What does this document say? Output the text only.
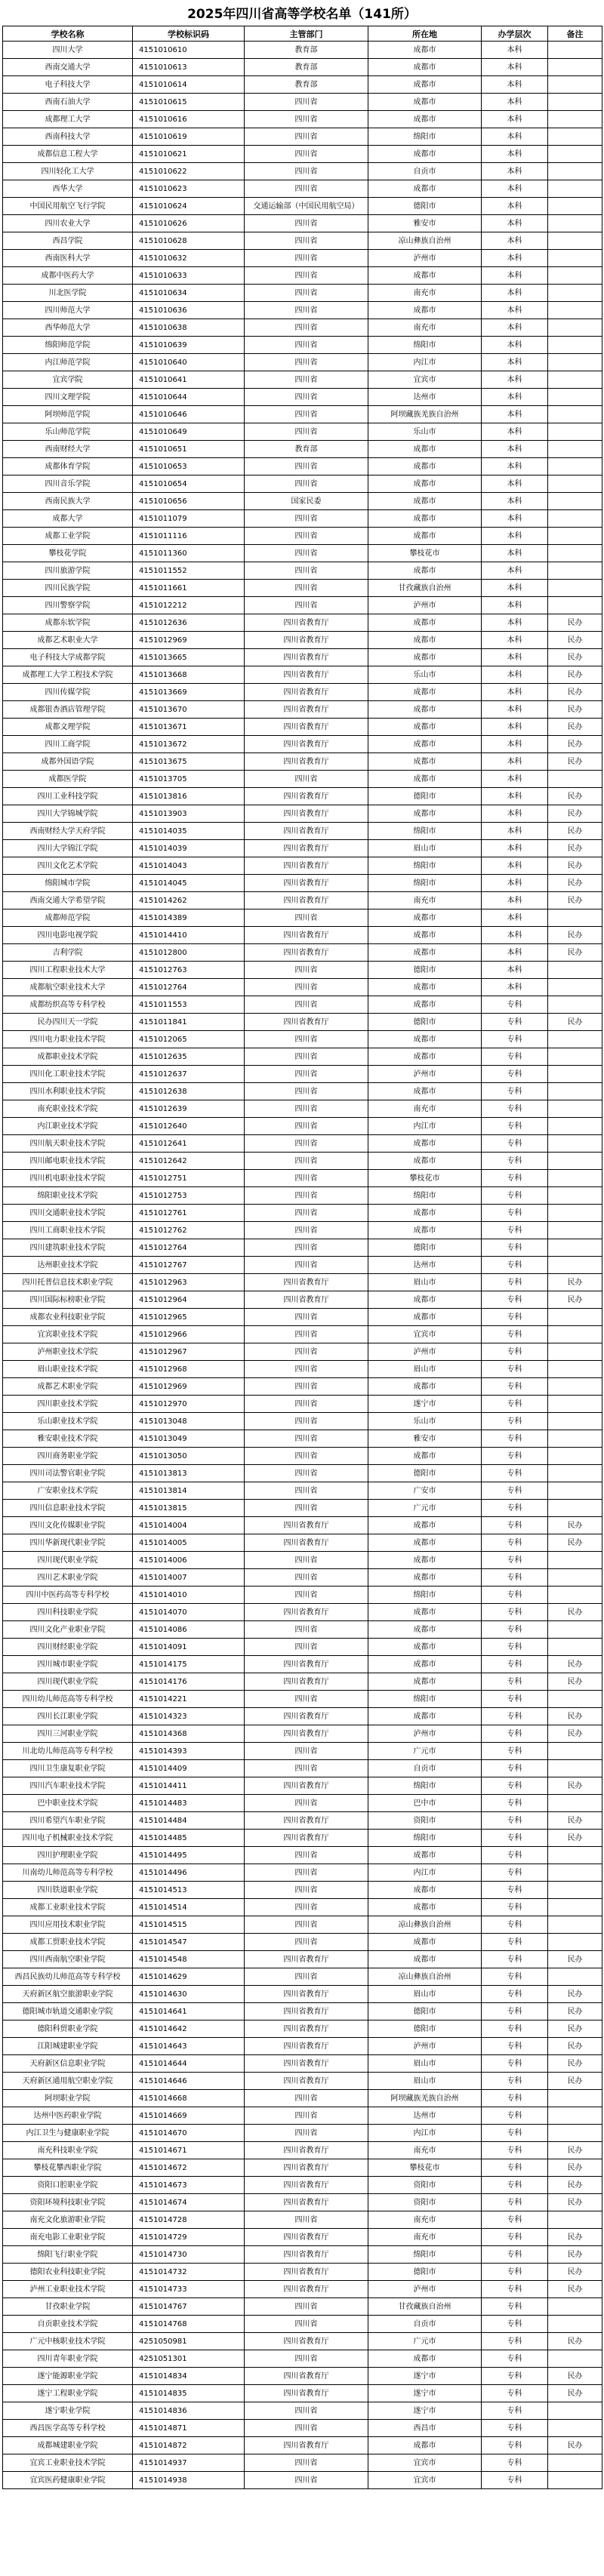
2025年四川省高等学校名单（141所）
学校名称	学校标识码	主管部门	所在地	办学层次	备注
四川大学	4151010610	教育部	成都市	本科	
西南交通大学	4151010613	教育部	成都市	本科	
电子科技大学	4151010614	教育部	成都市	本科	
西南石油大学	4151010615	四川省	成都市	本科	
成都理工大学	4151010616	四川省	成都市	本科	
西南科技大学	4151010619	四川省	绵阳市	本科	
成都信息工程大学	4151010621	四川省	成都市	本科	
四川轻化工大学	4151010622	四川省	自贡市	本科	
西华大学	4151010623	四川省	成都市	本科	
中国民用航空飞行学院	4151010624	交通运输部（中国民用航空局）	德阳市	本科	
四川农业大学	4151010626	四川省	雅安市	本科	
西昌学院	4151010628	四川省	凉山彝族自治州	本科	
西南医科大学	4151010632	四川省	泸州市	本科	
成都中医药大学	4151010633	四川省	成都市	本科	
川北医学院	4151010634	四川省	南充市	本科	
四川师范大学	4151010636	四川省	成都市	本科	
西华师范大学	4151010638	四川省	南充市	本科	
绵阳师范学院	4151010639	四川省	绵阳市	本科	
内江师范学院	4151010640	四川省	内江市	本科	
宜宾学院	4151010641	四川省	宜宾市	本科	
四川文理学院	4151010644	四川省	达州市	本科	
阿坝师范学院	4151010646	四川省	阿坝藏族羌族自治州	本科	
乐山师范学院	4151010649	四川省	乐山市	本科	
西南财经大学	4151010651	教育部	成都市	本科	
成都体育学院	4151010653	四川省	成都市	本科	
四川音乐学院	4151010654	四川省	成都市	本科	
西南民族大学	4151010656	国家民委	成都市	本科	
成都大学	4151011079	四川省	成都市	本科	
成都工业学院	4151011116	四川省	成都市	本科	
攀枝花学院	4151011360	四川省	攀枝花市	本科	
四川旅游学院	4151011552	四川省	成都市	本科	
四川民族学院	4151011661	四川省	甘孜藏族自治州	本科	
四川警察学院	4151012212	四川省	泸州市	本科	
成都东软学院	4151012636	四川省教育厅	成都市	本科	民办
成都艺术职业大学	4151012969	四川省教育厅	成都市	本科	民办
电子科技大学成都学院	4151013665	四川省教育厅	成都市	本科	民办
成都理工大学工程技术学院	4151013668	四川省教育厅	乐山市	本科	民办
四川传媒学院	4151013669	四川省教育厅	成都市	本科	民办
成都银杏酒店管理学院	4151013670	四川省教育厅	成都市	本科	民办
成都文理学院	4151013671	四川省教育厅	成都市	本科	民办
四川工商学院	4151013672	四川省教育厅	成都市	本科	民办
成都外国语学院	4151013675	四川省教育厅	成都市	本科	民办
成都医学院	4151013705	四川省	成都市	本科	
四川工业科技学院	4151013816	四川省教育厅	德阳市	本科	民办
四川大学锦城学院	4151013903	四川省教育厅	成都市	本科	民办
西南财经大学天府学院	4151014035	四川省教育厅	绵阳市	本科	民办
四川大学锦江学院	4151014039	四川省教育厅	眉山市	本科	民办
四川文化艺术学院	4151014043	四川省教育厅	绵阳市	本科	民办
绵阳城市学院	4151014045	四川省教育厅	绵阳市	本科	民办
西南交通大学希望学院	4151014262	四川省教育厅	南充市	本科	民办
成都师范学院	4151014389	四川省	成都市	本科	
四川电影电视学院	4151014410	四川省教育厅	成都市	本科	民办
吉利学院	4151012800	四川省教育厅	成都市	本科	民办
四川工程职业技术大学	4151012763	四川省	德阳市	本科	
成都航空职业技术大学	4151012764	四川省	成都市	本科	
成都纺织高等专科学校	4151011553	四川省	成都市	专科	
民办四川天一学院	4151011841	四川省教育厅	德阳市	专科	民办
四川电力职业技术学院	4151012065	四川省	成都市	专科	
成都职业技术学院	4151012635	四川省	成都市	专科	
四川化工职业技术学院	4151012637	四川省	泸州市	专科	
四川水利职业技术学院	4151012638	四川省	成都市	专科	
南充职业技术学院	4151012639	四川省	南充市	专科	
内江职业技术学院	4151012640	四川省	内江市	专科	
四川航天职业技术学院	4151012641	四川省	成都市	专科	
四川邮电职业技术学院	4151012642	四川省	成都市	专科	
四川机电职业技术学院	4151012751	四川省	攀枝花市	专科	
绵阳职业技术学院	4151012753	四川省	绵阳市	专科	
四川交通职业技术学院	4151012761	四川省	成都市	专科	
四川工商职业技术学院	4151012762	四川省	成都市	专科	
四川建筑职业技术学院	4151012764	四川省	德阳市	专科	
达州职业技术学院	4151012767	四川省	达州市	专科	
四川托普信息技术职业学院	4151012963	四川省教育厅	眉山市	专科	民办
四川国际标榜职业学院	4151012964	四川省教育厅	成都市	专科	民办
成都农业科技职业学院	4151012965	四川省	成都市	专科	
宜宾职业技术学院	4151012966	四川省	宜宾市	专科	
泸州职业技术学院	4151012967	四川省	泸州市	专科	
眉山职业技术学院	4151012968	四川省	眉山市	专科	
成都艺术职业学院	4151012969	四川省	成都市	专科	
四川职业技术学院	4151012970	四川省	遂宁市	专科	
乐山职业技术学院	4151013048	四川省	乐山市	专科	
雅安职业技术学院	4151013049	四川省	雅安市	专科	
四川商务职业学院	4151013050	四川省	成都市	专科	
四川司法警官职业学院	4151013813	四川省	德阳市	专科	
广安职业技术学院	4151013814	四川省	广安市	专科	
四川信息职业技术学院	4151013815	四川省	广元市	专科	
四川文化传媒职业学院	4151014004	四川省教育厅	成都市	专科	民办
四川华新现代职业学院	4151014005	四川省教育厅	成都市	专科	民办
四川现代职业学院	4151014006	四川省	成都市	专科	
四川艺术职业学院	4151014007	四川省	成都市	专科	
四川中医药高等专科学校	4151014010	四川省	绵阳市	专科	
四川科技职业学院	4151014070	四川省教育厅	成都市	专科	民办
四川文化产业职业学院	4151014086	四川省	成都市	专科	
四川财经职业学院	4151014091	四川省	成都市	专科	
四川城市职业学院	4151014175	四川省教育厅	成都市	专科	民办
四川现代职业学院	4151014176	四川省教育厅	成都市	专科	民办
四川幼儿师范高等专科学校	4151014221	四川省	绵阳市	专科	
四川长江职业学院	4151014323	四川省教育厅	成都市	专科	民办
四川三河职业学院	4151014368	四川省教育厅	泸州市	专科	民办
川北幼儿师范高等专科学校	4151014393	四川省	广元市	专科	
四川卫生康复职业学院	4151014409	四川省	自贡市	专科	
四川汽车职业技术学院	4151014411	四川省教育厅	绵阳市	专科	民办
巴中职业技术学院	4151014483	四川省	巴中市	专科	
四川希望汽车职业学院	4151014484	四川省教育厅	资阳市	专科	民办
四川电子机械职业技术学院	4151014485	四川省教育厅	绵阳市	专科	民办
四川护理职业学院	4151014495	四川省	成都市	专科	
川南幼儿师范高等专科学校	4151014496	四川省	内江市	专科	
四川铁道职业学院	4151014513	四川省	成都市	专科	
成都工业职业技术学院	4151014514	四川省	成都市	专科	
四川应用技术职业学院	4151014515	四川省	凉山彝族自治州	专科	
成都工贸职业技术学院	4151014547	四川省	成都市	专科	
四川西南航空职业学院	4151014548	四川省教育厅	成都市	专科	民办
西昌民族幼儿师范高等专科学校	4151014629	四川省	凉山彝族自治州	专科	
天府新区航空旅游职业学院	4151014630	四川省教育厅	眉山市	专科	民办
德阳城市轨道交通职业学院	4151014641	四川省教育厅	德阳市	专科	民办
德阳科贸职业学院	4151014642	四川省教育厅	德阳市	专科	民办
江阳城建职业学院	4151014643	四川省教育厅	泸州市	专科	民办
天府新区信息职业学院	4151014644	四川省教育厅	眉山市	专科	民办
天府新区通用航空职业学院	4151014646	四川省教育厅	眉山市	专科	民办
阿坝职业学院	4151014668	四川省	阿坝藏族羌族自治州	专科	
达州中医药职业学院	4151014669	四川省	达州市	专科	
内江卫生与健康职业学院	4151014670	四川省	内江市	专科	
南充科技职业学院	4151014671	四川省教育厅	南充市	专科	民办
攀枝花攀西职业学院	4151014672	四川省教育厅	攀枝花市	专科	民办
资阳口腔职业学院	4151014673	四川省教育厅	资阳市	专科	民办
资阳环境科技职业学院	4151014674	四川省教育厅	资阳市	专科	民办
南充文化旅游职业学院	4151014728	四川省	南充市	专科	
南充电影工业职业学院	4151014729	四川省教育厅	南充市	专科	民办
绵阳飞行职业学院	4151014730	四川省教育厅	绵阳市	专科	民办
德阳农业科技职业学院	4151014732	四川省教育厅	德阳市	专科	民办
泸州工业职业技术学院	4151014733	四川省教育厅	泸州市	专科	民办
甘孜职业学院	4151014767	四川省	甘孜藏族自治州	专科	
自贡职业技术学院	4151014768	四川省	自贡市	专科	
广元中核职业技术学院	4251050981	四川省教育厅	广元市	专科	民办
四川青年职业学院	4251051301	四川省	成都市	专科	
遂宁能源职业学院	4151014834	四川省教育厅	遂宁市	专科	民办
遂宁工程职业学院	4151014835	四川省教育厅	遂宁市	专科	民办
遂宁职业学院	4151014836	四川省	遂宁市	专科	
西昌医学高等专科学校	4151014871	四川省	西昌市	专科	
成都城建职业学院	4151014872	四川省教育厅	成都市	专科	民办
宜宾工业职业技术学院	4151014937	四川省	宜宾市	专科	
宜宾医药健康职业学院	4151014938	四川省	宜宾市	专科	
